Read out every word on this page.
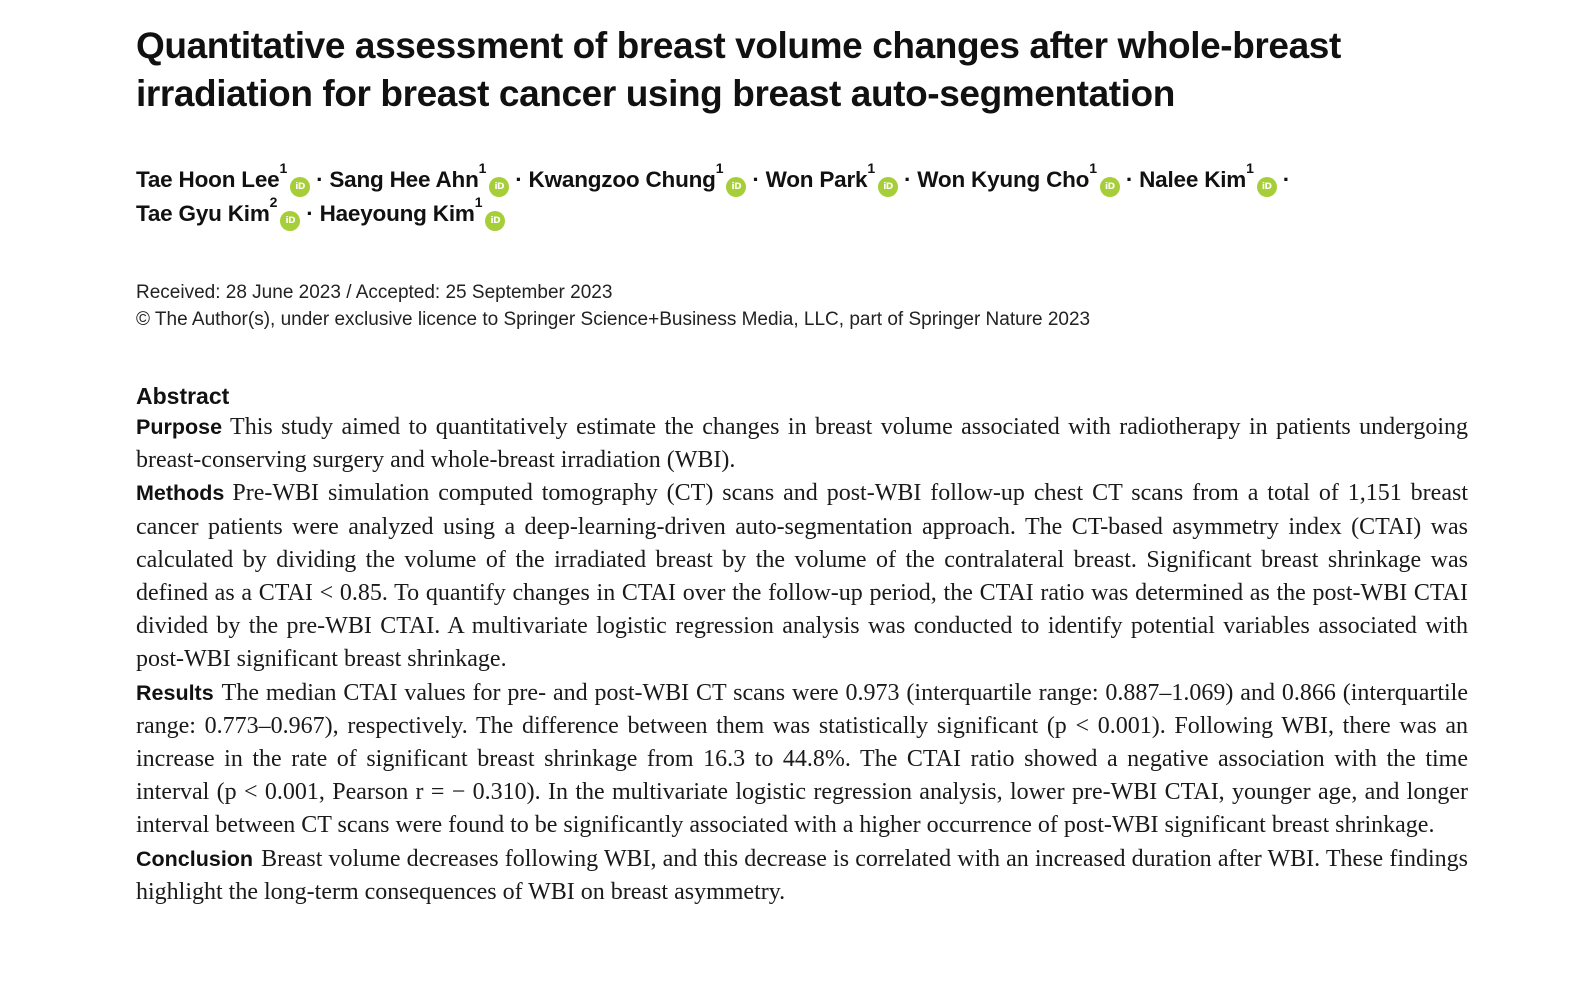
Quantitative assessment of breast volume changes after whole-breast irradiation for breast cancer using breast auto-segmentation
Tae Hoon Lee$^1$iD · Sang Hee Ahn$^1$iD · Kwangzoo Chung$^1$iD · Won Park$^1$iD · Won Kyung Cho$^1$iD · Nalee Kim$^1$iD ·
Tae Gyu Kim$^2$iD · Haeyoung Kim$^1$iD
Received: 28 June 2023 / Accepted: 25 September 2023
© The Author(s), under exclusive licence to Springer Science+Business Media, LLC, part of Springer Nature 2023
Abstract

Purpose This study aimed to quantitatively estimate the changes in breast volume associated with radiotherapy in patients undergoing breast-conserving surgery and whole-breast irradiation (WBI).

Methods Pre-WBI simulation computed tomography (CT) scans and post-WBI follow-up chest CT scans from a total of 1,151 breast cancer patients were analyzed using a deep-learning-driven auto-segmentation approach. The CT-based asymmetry index (CTAI) was calculated by dividing the volume of the irradiated breast by the volume of the contralateral breast. Significant breast shrinkage was defined as a CTAI < 0.85. To quantify changes in CTAI over the follow-up period, the CTAI ratio was determined as the post-WBI CTAI divided by the pre-WBI CTAI. A multivariate logistic regression analysis was conducted to identify potential variables associated with post-WBI significant breast shrinkage.

Results The median CTAI values for pre- and post-WBI CT scans were 0.973 (interquartile range: 0.887–1.069) and 0.866 (interquartile range: 0.773–0.967), respectively. The difference between them was statistically significant (p < 0.001). Following WBI, there was an increase in the rate of significant breast shrinkage from 16.3 to 44.8%. The CTAI ratio showed a negative association with the time interval (p < 0.001, Pearson r = − 0.310). In the multivariate logistic regression analysis, lower pre-WBI CTAI, younger age, and longer interval between CT scans were found to be significantly associated with a higher occurrence of post-WBI significant breast shrinkage.

Conclusion Breast volume decreases following WBI, and this decrease is correlated with an increased duration after WBI. These findings highlight the long-term consequences of WBI on breast asymmetry.
